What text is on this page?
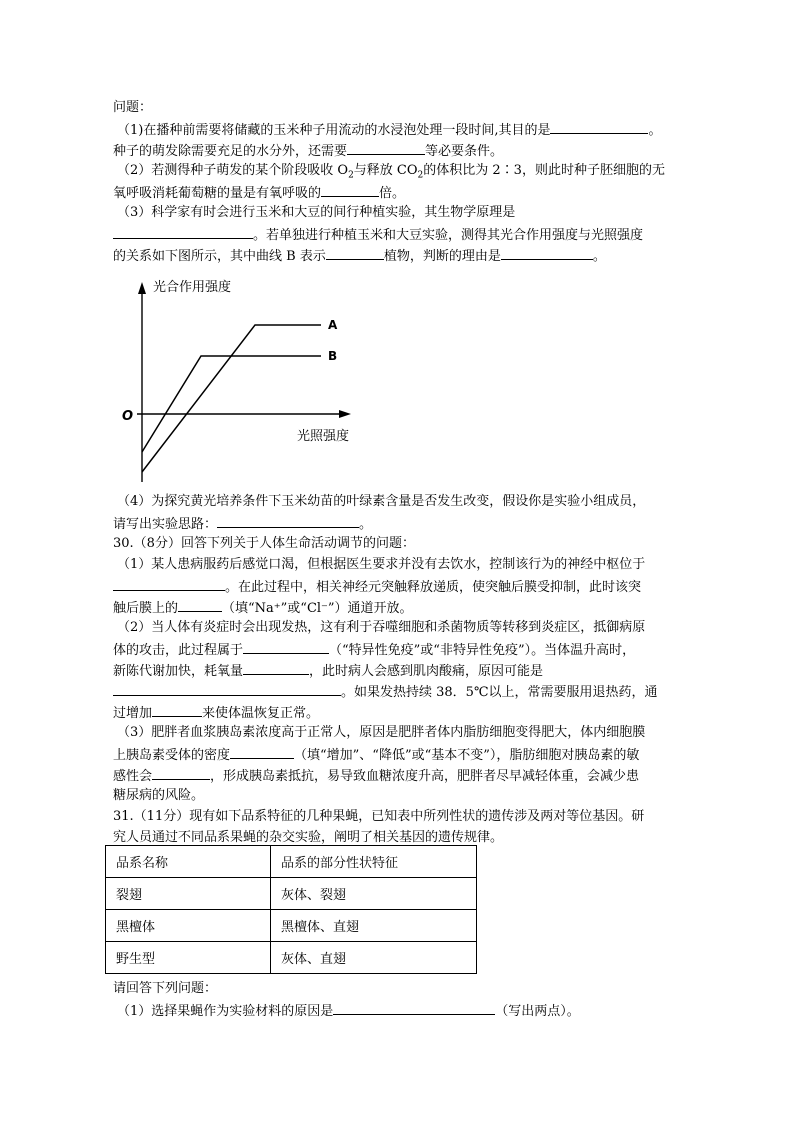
问题：
（1)在播种前需要将储藏的玉米种子用流动的水浸泡处理一段时间,其目的是	。
种子的萌发除需要充足的水分外，还需要	等必要条件。
（2）若测得种子萌发的某个阶段吸收 $O_2$与释放 $CO_2$的体积比为 2∶3，则此时种子胚细胞的无
氧呼吸消耗葡萄糖的量是有氧呼吸的	倍。
（3）科学家有时会进行玉米和大豆的间行种植实验，其生物学原理是
。若单独进行种植玉米和大豆实验，测得其光合作用强度与光照强度
的关系如下图所示，其中曲线 B 表示	植物，判断的理由是	。
光合作用强度
光照强度
O
A
B
（4）为探究黄光培养条件下玉米幼苗的叶绿素含量是否发生改变，假设你是实验小组成员，
请写出实验思路：	。
30.（8分）回答下列关于人体生命活动调节的问题：
（1）某人患病服药后感觉口渴，但根据医生要求并没有去饮水，控制该行为的神经中枢位于
。在此过程中，相关神经元突触释放递质，使突触后膜受抑制，此时该突
触后膜上的	（填“Na⁺”或“Cl⁻”）通道开放。
（2）当人体有炎症时会出现发热，这有利于吞噬细胞和杀菌物质等转移到炎症区，抵御病原
体的攻击，此过程属于	（“特异性免疫”或“非特异性免疫”）。当体温升高时，
新陈代谢加快，耗氧量	，此时病人会感到肌肉酸痛，原因可能是
。如果发热持续 38．5℃以上，常需要服用退热药，通
过增加	来使体温恢复正常。
（3）肥胖者血浆胰岛素浓度高于正常人，原因是肥胖者体内脂肪细胞变得肥大，体内细胞膜
上胰岛素受体的密度	（填“增加”、“降低”或“基本不变”），脂肪细胞对胰岛素的敏
感性会	，形成胰岛素抵抗，易导致血糖浓度升高，肥胖者尽早减轻体重，会减少患
糖尿病的风险。
31.（11分）现有如下品系特征的几种果蝇，已知表中所列性状的遗传涉及两对等位基因。研
究人员通过不同品系果蝇的杂交实验，阐明了相关基因的遗传规律。
品系名称	品系的部分性状特征
裂翅	灰体、裂翅
黑檀体	黑檀体、直翅
野生型	灰体、直翅
请回答下列问题：
（1）选择果蝇作为实验材料的原因是	（写出两点）。
